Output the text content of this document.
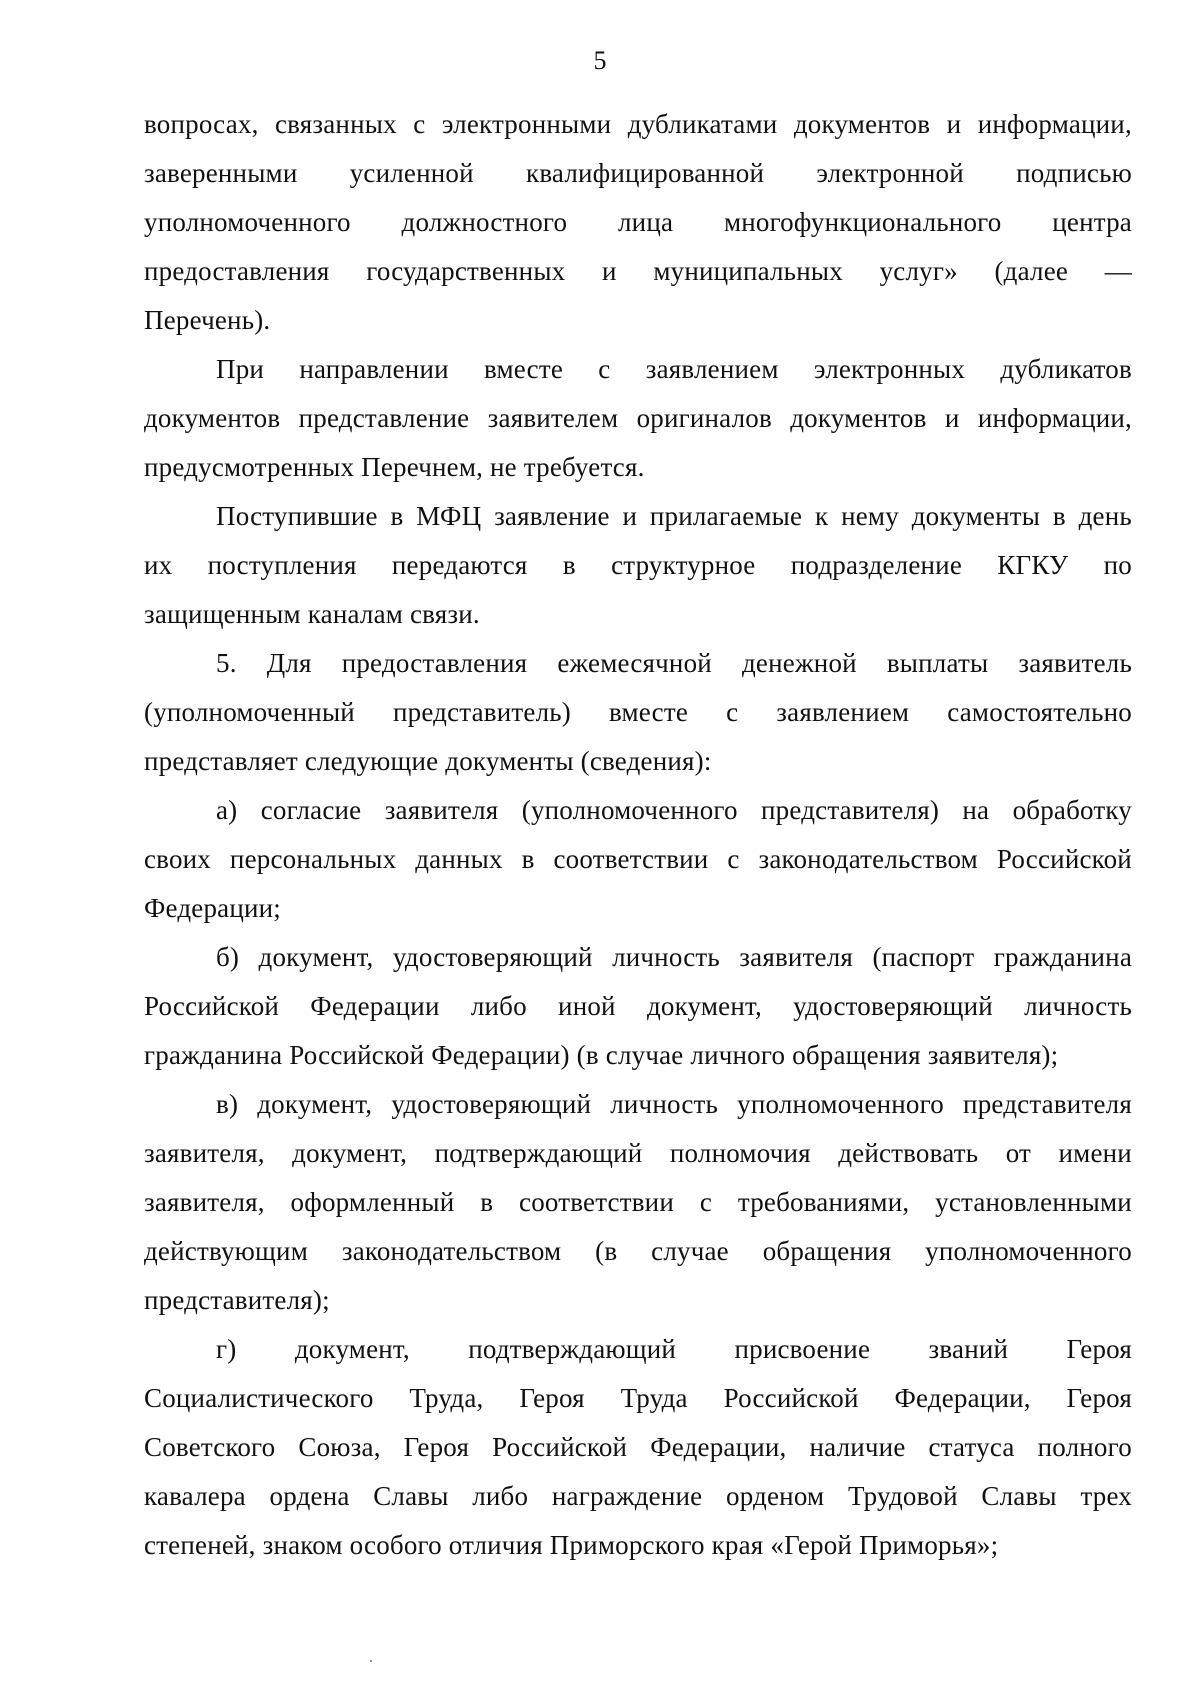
5
вопросах, связанных с электронными дубликатами документов и информации,
заверенными усиленной квалифицированной электронной подписью
уполномоченного должностного лица многофункционального центра
предоставления государственных и муниципальных услуг» (далее —
Перечень).
При направлении вместе с заявлением электронных дубликатов
документов представление заявителем оригиналов документов и информации,
предусмотренных Перечнем, не требуется.
Поступившие в МФЦ заявление и прилагаемые к нему документы в день
их поступления передаются в структурное подразделение КГКУ по
защищенным каналам связи.
5. Для предоставления ежемесячной денежной выплаты заявитель
(уполномоченный представитель) вместе с заявлением самостоятельно
представляет следующие документы (сведения):
а) согласие заявителя (уполномоченного представителя) на обработку
своих персональных данных в соответствии с законодательством Российской
Федерации;
б) документ, удостоверяющий личность заявителя (паспорт гражданина
Российской Федерации либо иной документ, удостоверяющий личность
гражданина Российской Федерации) (в случае личного обращения заявителя);
в) документ, удостоверяющий личность уполномоченного представителя
заявителя, документ, подтверждающий полномочия действовать от имени
заявителя, оформленный в соответствии с требованиями, установленными
действующим законодательством (в случае обращения уполномоченного
представителя);
г) документ, подтверждающий присвоение званий Героя
Социалистического Труда, Героя Труда Российской Федерации, Героя
Советского Союза, Героя Российской Федерации, наличие статуса полного
кавалера ордена Славы либо награждение орденом Трудовой Славы трех
степеней, знаком особого отличия Приморского края «Герой Приморья»;
